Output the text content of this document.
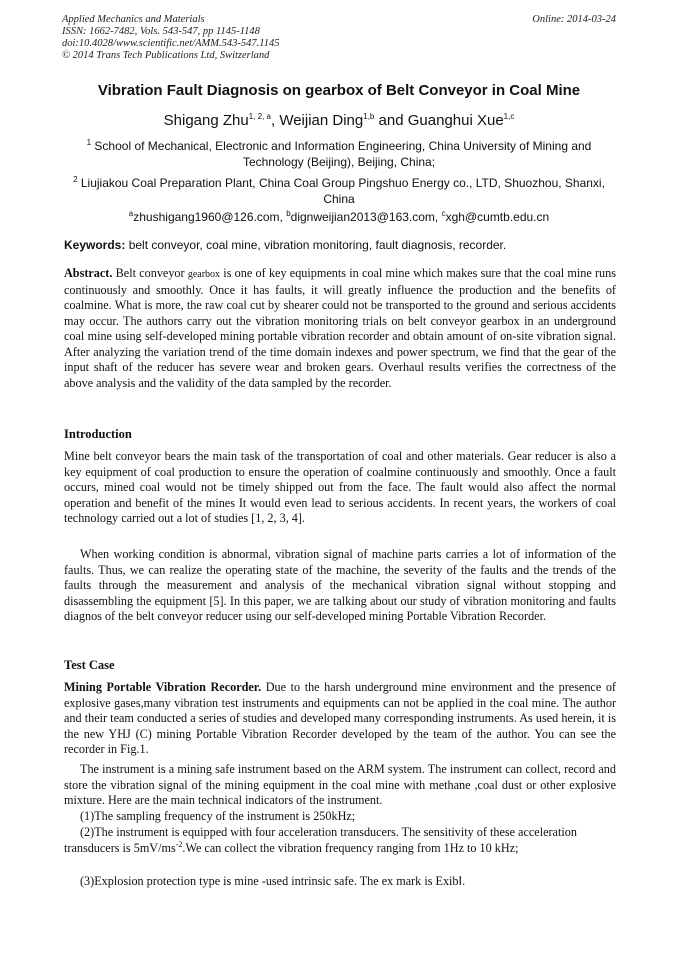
Applied Mechanics and Materials
ISSN: 1662-7482, Vols. 543-547, pp 1145-1148
doi:10.4028/www.scientific.net/AMM.543-547.1145
© 2014 Trans Tech Publications Ltd, Switzerland
Online: 2014-03-24
Vibration Fault Diagnosis on gearbox of Belt Conveyor in Coal Mine
Shigang Zhu$^{1, 2, a}$, Weijian Ding$^{1,b}$ and Guanghui Xue$^{1,c}$
$^1$ School of Mechanical, Electronic and Information Engineering, China University of Mining and Technology (Beijing), Beijing, China;
$^2$ Liujiakou Coal Preparation Plant, China Coal Group Pingshuo Energy co., LTD, Shuozhou, Shanxi, China
$^a$zhushigang1960@126.com, $^b$dignweijian2013@163.com, $^c$xgh@cumtb.edu.cn
Keywords: belt conveyor, coal mine, vibration monitoring, fault diagnosis, recorder.
Abstract. Belt conveyor gearbox is one of key equipments in coal mine which makes sure that the coal mine runs continuously and smoothly. Once it has faults, it will greatly influence the production and the benefits of coalmine. What is more, the raw coal cut by shearer could not be transported to the ground and serious accidents may occur. The authors carry out the vibration monitoring trials on belt conveyor gearbox in an underground coal mine using self-developed mining portable vibration recorder and obtain amount of on-site vibration signal. After analyzing the variation trend of the time domain indexes and power spectrum, we find that the gear of the input shaft of the reducer has severe wear and broken gears. Overhaul results verifies the correctness of the above analysis and the validity of the data sampled by the recorder.
Introduction
Mine belt conveyor bears the main task of the transportation of coal and other materials. Gear reducer is also a key equipment of coal production to ensure the operation of coalmine continuously and smoothly. Once a fault occurs, mined coal would not be timely shipped out from the face. The fault would also affect the normal operation and benefit of the mines It would even lead to serious accidents. In recent years, the workers of coal technology carried out a lot of studies [1, 2, 3, 4].
When working condition is abnormal, vibration signal of machine parts carries a lot of information of the faults. Thus, we can realize the operating state of the machine, the severity of the faults and the trends of the faults through the measurement and analysis of the mechanical vibration signal without stopping and disassembling the equipment [5]. In this paper, we are talking about our study of vibration monitoring and faults diagnos of the belt conveyor reducer using our self-developed mining Portable Vibration Recorder.
Test Case
Mining Portable Vibration Recorder. Due to the harsh underground mine environment and the presence of explosive gases,many vibration test instruments and equipments can not be applied in the coal mine. The author and their team conducted a series of studies and developed many corresponding instruments. As used herein, it is the new YHJ (C) mining Portable Vibration Recorder developed by the team of the author. You can see the recorder in Fig.1.
The instrument is a mining safe instrument based on the ARM system. The instrument can collect, record and store the vibration signal of the mining equipment in the coal mine with methane ,coal dust or other explosive mixture. Here are the main technical indicators of the instrument.
(1)The sampling frequency of the instrument is 250kHz;
(2)The instrument is equipped with four acceleration transducers. The sensitivity of these acceleration transducers is $5mV/ms^{-2}.We$ can collect the vibration frequency ranging from 1Hz to 10 kHz;
(3)Explosion protection type is mine -used intrinsic safe. The ex mark is ExibⅠ.
